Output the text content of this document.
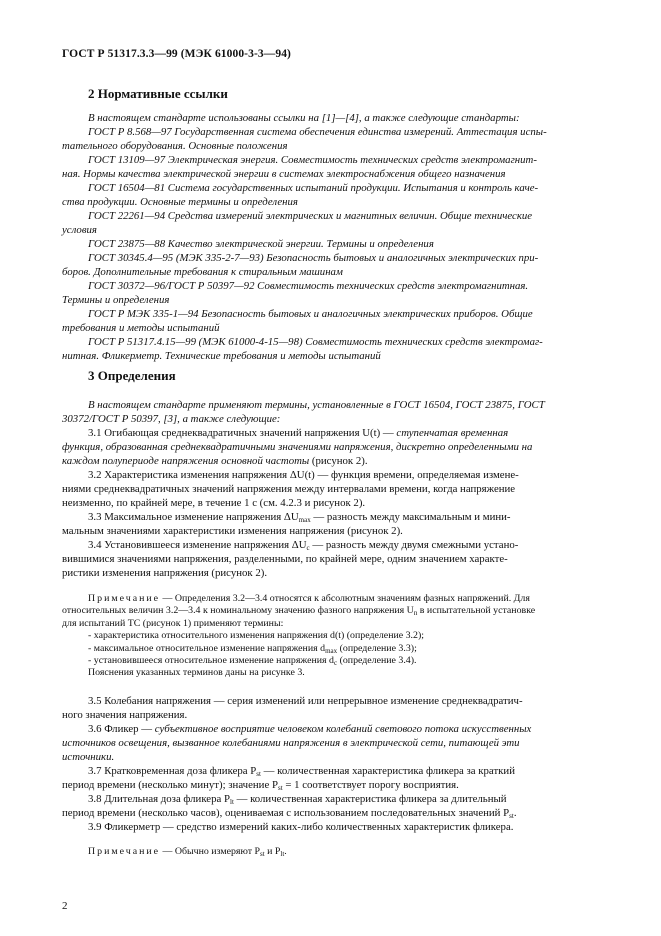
ГОСТ Р 51317.3.3—99 (МЭК 61000-3-3—94)
2 Нормативные ссылки
В настоящем стандарте использованы ссылки на [1]—[4], а также следующие стандарты:
ГОСТ Р 8.568—97 Государственная система обеспечения единства измерений. Аттестация испы-
тательного оборудования. Основные положения
ГОСТ 13109—97 Электрическая энергия. Совместимость технических средств электромагнит-
ная. Нормы качества электрической энергии в системах электроснабжения общего назначения
ГОСТ 16504—81 Система государственных испытаний продукции. Испытания и контроль каче-
ства продукции. Основные термины и определения
ГОСТ 22261—94 Средства измерений электрических и магнитных величин. Общие технические
условия
ГОСТ 23875—88 Качество электрической энергии. Термины и определения
ГОСТ 30345.4—95 (МЭК 335-2-7—93) Безопасность бытовых и аналогичных электрических при-
боров. Дополнительные требования к стиральным машинам
ГОСТ 30372—96/ГОСТ Р 50397—92 Совместимость технических средств электромагнитная.
Термины и определения
ГОСТ Р МЭК 335-1—94 Безопасность бытовых и аналогичных электрических приборов. Общие
требования и методы испытаний
ГОСТ Р 51317.4.15—99 (МЭК 61000-4-15—98) Совместимость технических средств электромаг-
нитная. Фликерметр. Технические требования и методы испытаний
3 Определения
В настоящем стандарте применяют термины, установленные в ГОСТ 16504, ГОСТ 23875, ГОСТ
30372/ГОСТ Р 50397, [3], а также следующие:
3.1 Огибающая среднеквадратичных значений напряжения U(t) — ступенчатая временная
функция, образованная среднеквадратичными значениями напряжения, дискретно определенными на
каждом полупериоде напряжения основной частоты (рисунок 2).
3.2 Характеристика изменения напряжения ΔU(t) — функция времени, определяемая измене-
ниями среднеквадратичных значений напряжения между интервалами времени, когда напряжение
неизменно, по крайней мере, в течение 1 с (см. 4.2.3 и рисунок 2).
3.3 Максимальное изменение напряжения $\Delta U_{max}$ — разность между максимальным и мини-
мальным значениями характеристики изменения напряжения (рисунок 2).
3.4 Установившееся изменение напряжения $\Delta U_c$ — разность между двумя смежными устано-
вившимися значениями напряжения, разделенными, по крайней мере, одним значением характе-
ристики изменения напряжения (рисунок 2).
Примечание — Определения 3.2—3.4 относятся к абсолютным значениям фазных напряжений. Для
относительных величин 3.2—3.4 к номинальному значению фазного напряжения $U_n$ в испытательной установке
для испытаний ТС (рисунок 1) применяют термины:
- характеристика относительного изменения напряжения d(t) (определение 3.2);
- максимальное относительное изменение напряжения $d_{max}$ (определение 3.3);
- установившееся относительное изменение напряжения $d_c$ (определение 3.4).
Пояснения указанных терминов даны на рисунке 3.
3.5 Колебания напряжения — серия изменений или непрерывное изменение среднеквадратич-
ного значения напряжения.
3.6 Фликер — субъективное восприятие человеком колебаний светового потока искусственных
источников освещения, вызванное колебаниями напряжения в электрической сети, питающей эти
источники.
3.7 Кратковременная доза фликера $P_{st}$ — количественная характеристика фликера за краткий
период времени (несколько минут); значение $P_{st} = 1$ соответствует порогу восприятия.
3.8 Длительная доза фликера $P_{lt}$ — количественная характеристика фликера за длительный
период времени (несколько часов), оцениваемая с использованием последовательных значений $P_{st}$.
3.9 Фликерметр — средство измерений каких-либо количественных характеристик фликера.
Примечание — Обычно измеряют $P_{st}$ и $P_{lt}$.
2
